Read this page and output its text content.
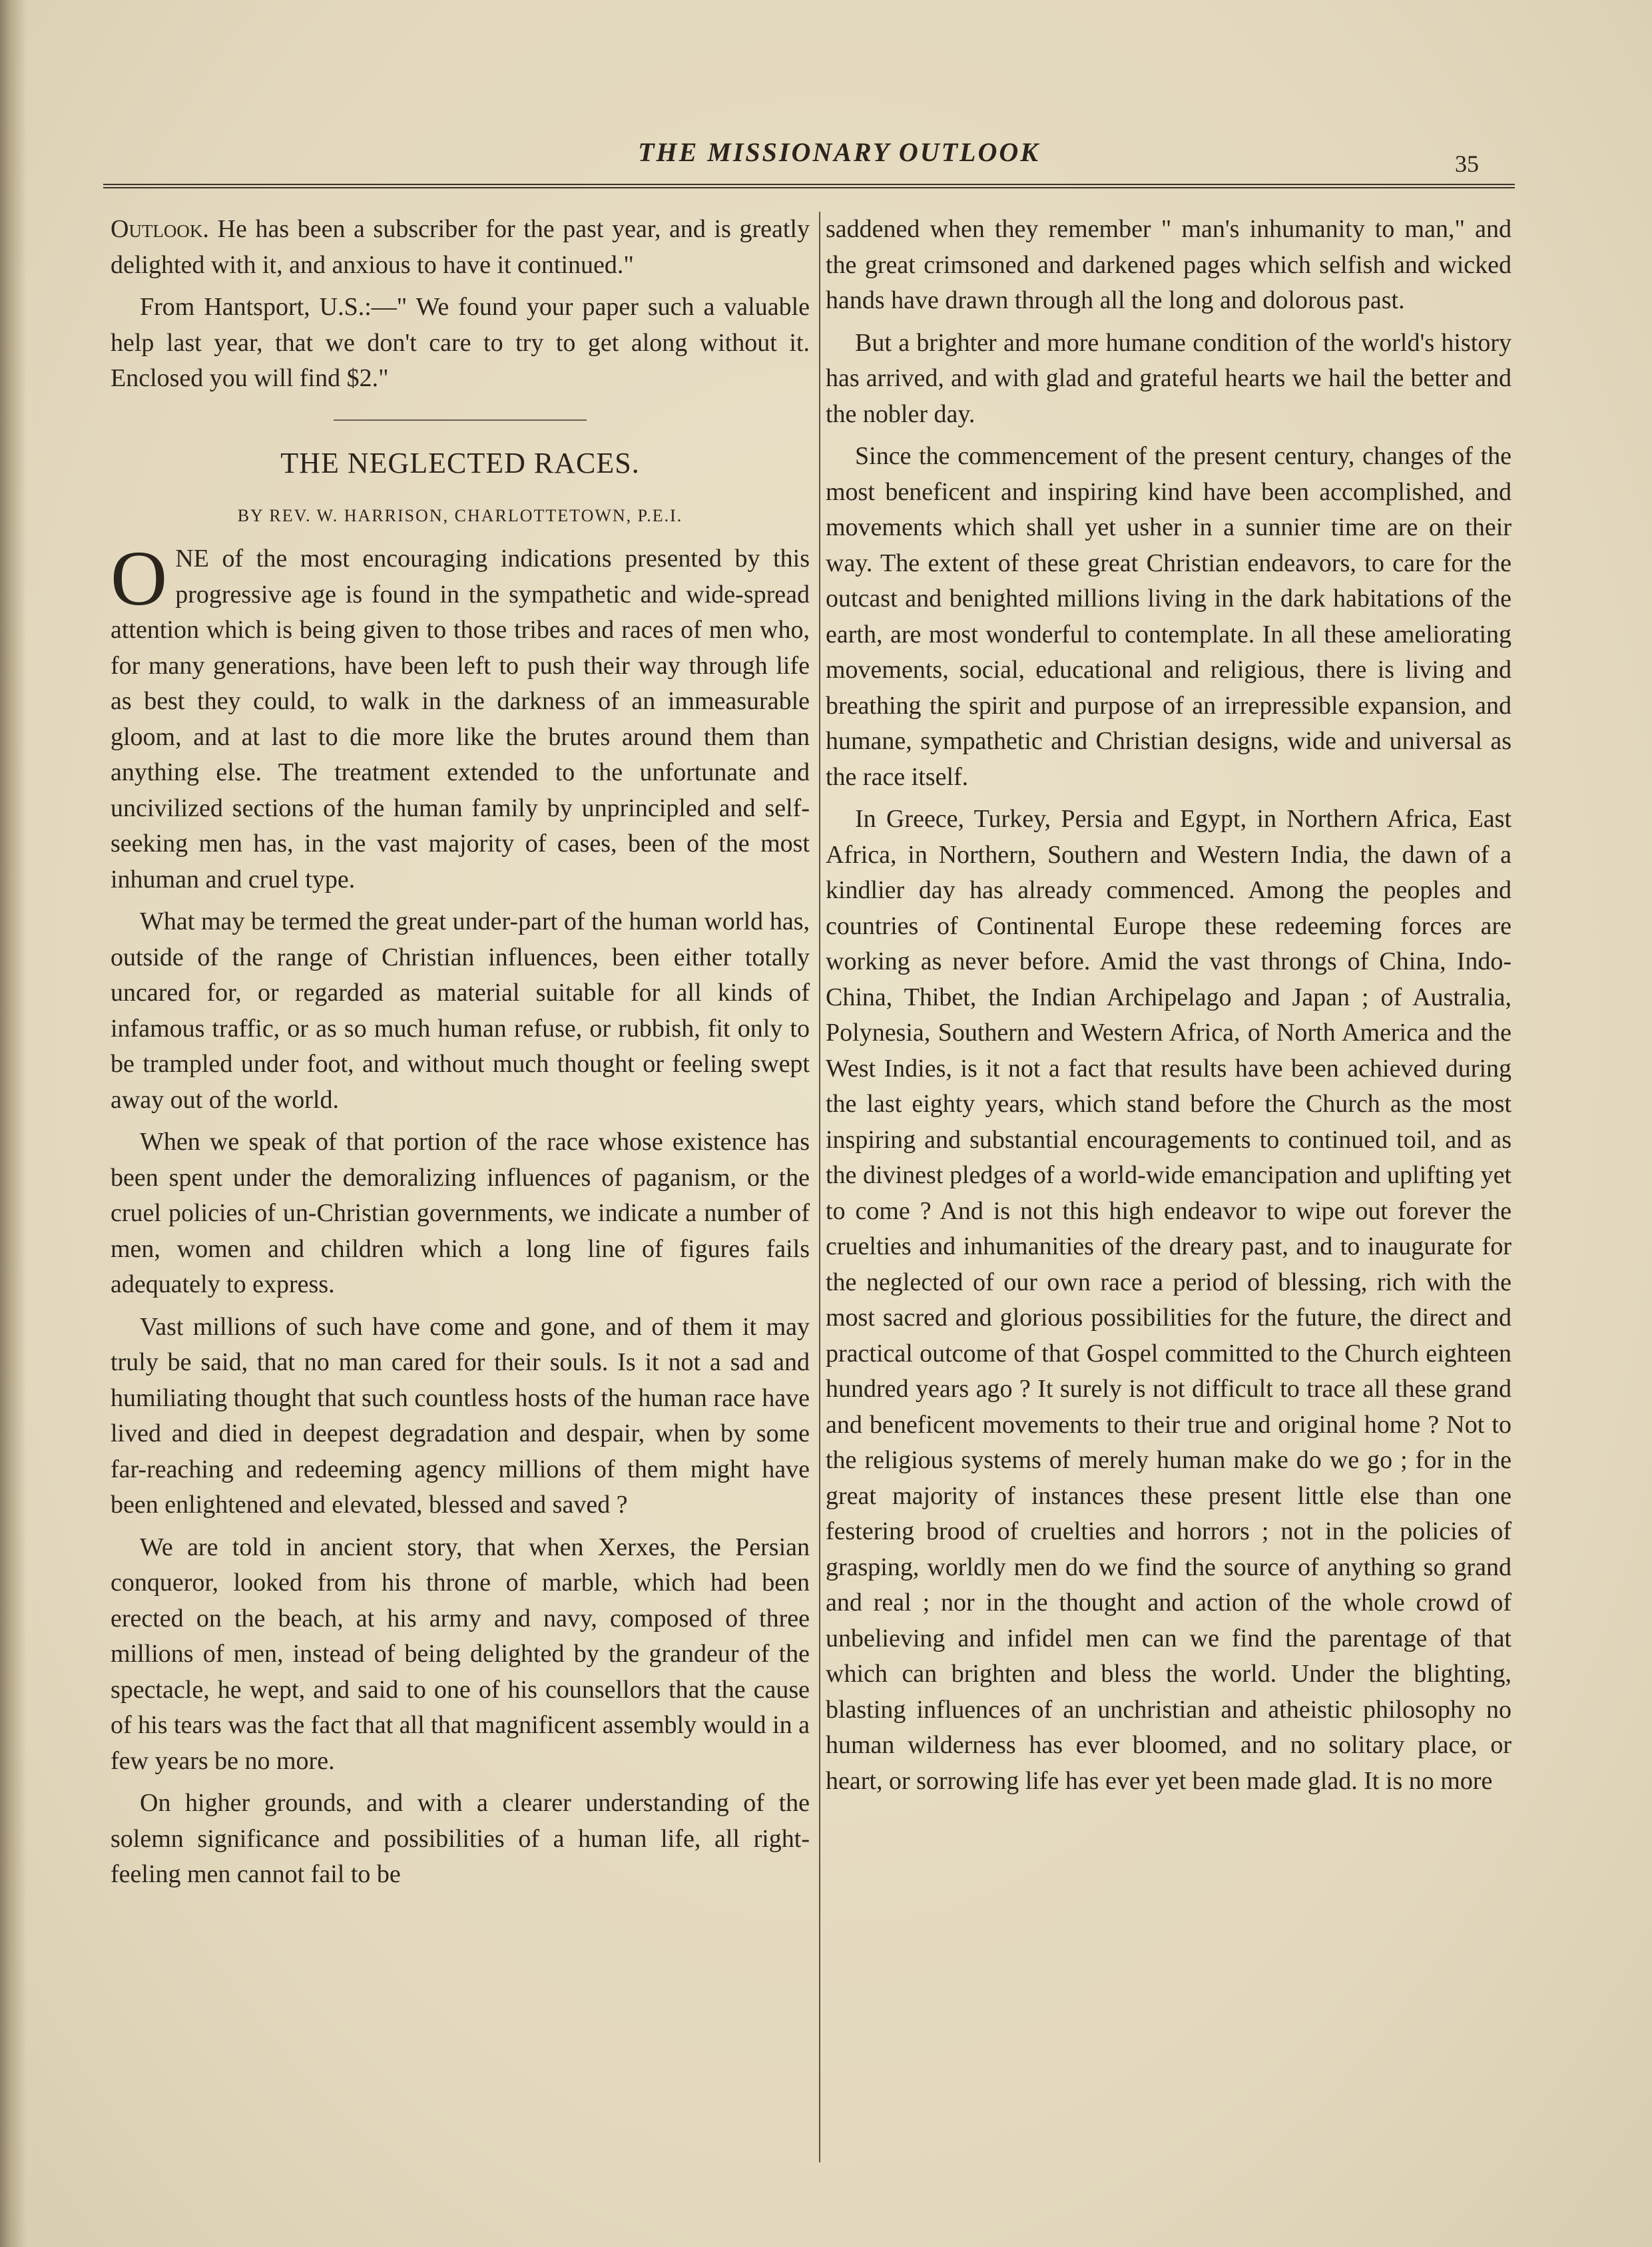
THE MISSIONARY OUTLOOK	35

Outlook. He has been a subscriber for the past year, and is greatly delighted with it, and anxious to have it continued."

From Hantsport, U.S.:—" We found your paper such a valuable help last year, that we don't care to try to get along without it. Enclosed you will find $2."

THE NEGLECTED RACES.
BY REV. W. HARRISON, CHARLOTTETOWN, P.E.I.

ONE of the most encouraging indications presented by this progressive age is found in the sympathetic and wide-spread attention which is being given to those tribes and races of men who, for many generations, have been left to push their way through life as best they could, to walk in the darkness of an immeasurable gloom, and at last to die more like the brutes around them than anything else. The treatment extended to the unfortunate and uncivilized sections of the human family by unprincipled and self-seeking men has, in the vast majority of cases, been of the most inhuman and cruel type.

What may be termed the great under-part of the human world has, outside of the range of Christian influences, been either totally uncared for, or regarded as material suitable for all kinds of infamous traffic, or as so much human refuse, or rubbish, fit only to be trampled under foot, and without much thought or feeling swept away out of the world.

When we speak of that portion of the race whose existence has been spent under the demoralizing influences of paganism, or the cruel policies of un-Christian governments, we indicate a number of men, women and children which a long line of figures fails adequately to express.

Vast millions of such have come and gone, and of them it may truly be said, that no man cared for their souls. Is it not a sad and humiliating thought that such countless hosts of the human race have lived and died in deepest degradation and despair, when by some far-reaching and redeeming agency millions of them might have been enlightened and elevated, blessed and saved ?

We are told in ancient story, that when Xerxes, the Persian conqueror, looked from his throne of marble, which had been erected on the beach, at his army and navy, composed of three millions of men, instead of being delighted by the grandeur of the spectacle, he wept, and said to one of his counsellors that the cause of his tears was the fact that all that magnificent assembly would in a few years be no more.

On higher grounds, and with a clearer understanding of the solemn significance and possibilities of a human life, all right-feeling men cannot fail to be

saddened when they remember " man's inhumanity to man," and the great crimsoned and darkened pages which selfish and wicked hands have drawn through all the long and dolorous past.

But a brighter and more humane condition of the world's history has arrived, and with glad and grateful hearts we hail the better and the nobler day.

Since the commencement of the present century, changes of the most beneficent and inspiring kind have been accomplished, and movements which shall yet usher in a sunnier time are on their way. The extent of these great Christian endeavors, to care for the outcast and benighted millions living in the dark habitations of the earth, are most wonderful to contemplate. In all these ameliorating movements, social, educational and religious, there is living and breathing the spirit and purpose of an irrepressible expansion, and humane, sympathetic and Christian designs, wide and universal as the race itself.

In Greece, Turkey, Persia and Egypt, in Northern Africa, East Africa, in Northern, Southern and Western India, the dawn of a kindlier day has already commenced. Among the peoples and countries of Continental Europe these redeeming forces are working as never before. Amid the vast throngs of China, Indo-China, Thibet, the Indian Archipelago and Japan ; of Australia, Polynesia, Southern and Western Africa, of North America and the West Indies, is it not a fact that results have been achieved during the last eighty years, which stand before the Church as the most inspiring and substantial encouragements to continued toil, and as the divinest pledges of a world-wide emancipation and uplifting yet to come ? And is not this high endeavor to wipe out forever the cruelties and inhumanities of the dreary past, and to inaugurate for the neglected of our own race a period of blessing, rich with the most sacred and glorious possibilities for the future, the direct and practical outcome of that Gospel committed to the Church eighteen hundred years ago ? It surely is not difficult to trace all these grand and beneficent movements to their true and original home ? Not to the religious systems of merely human make do we go ; for in the great majority of instances these present little else than one festering brood of cruelties and horrors ; not in the policies of grasping, worldly men do we find the source of anything so grand and real ; nor in the thought and action of the whole crowd of unbelieving and infidel men can we find the parentage of that which can brighten and bless the world. Under the blighting, blasting influences of an unchristian and atheistic philosophy no human wilderness has ever bloomed, and no solitary place, or heart, or sorrowing life has ever yet been made glad. It is no more
